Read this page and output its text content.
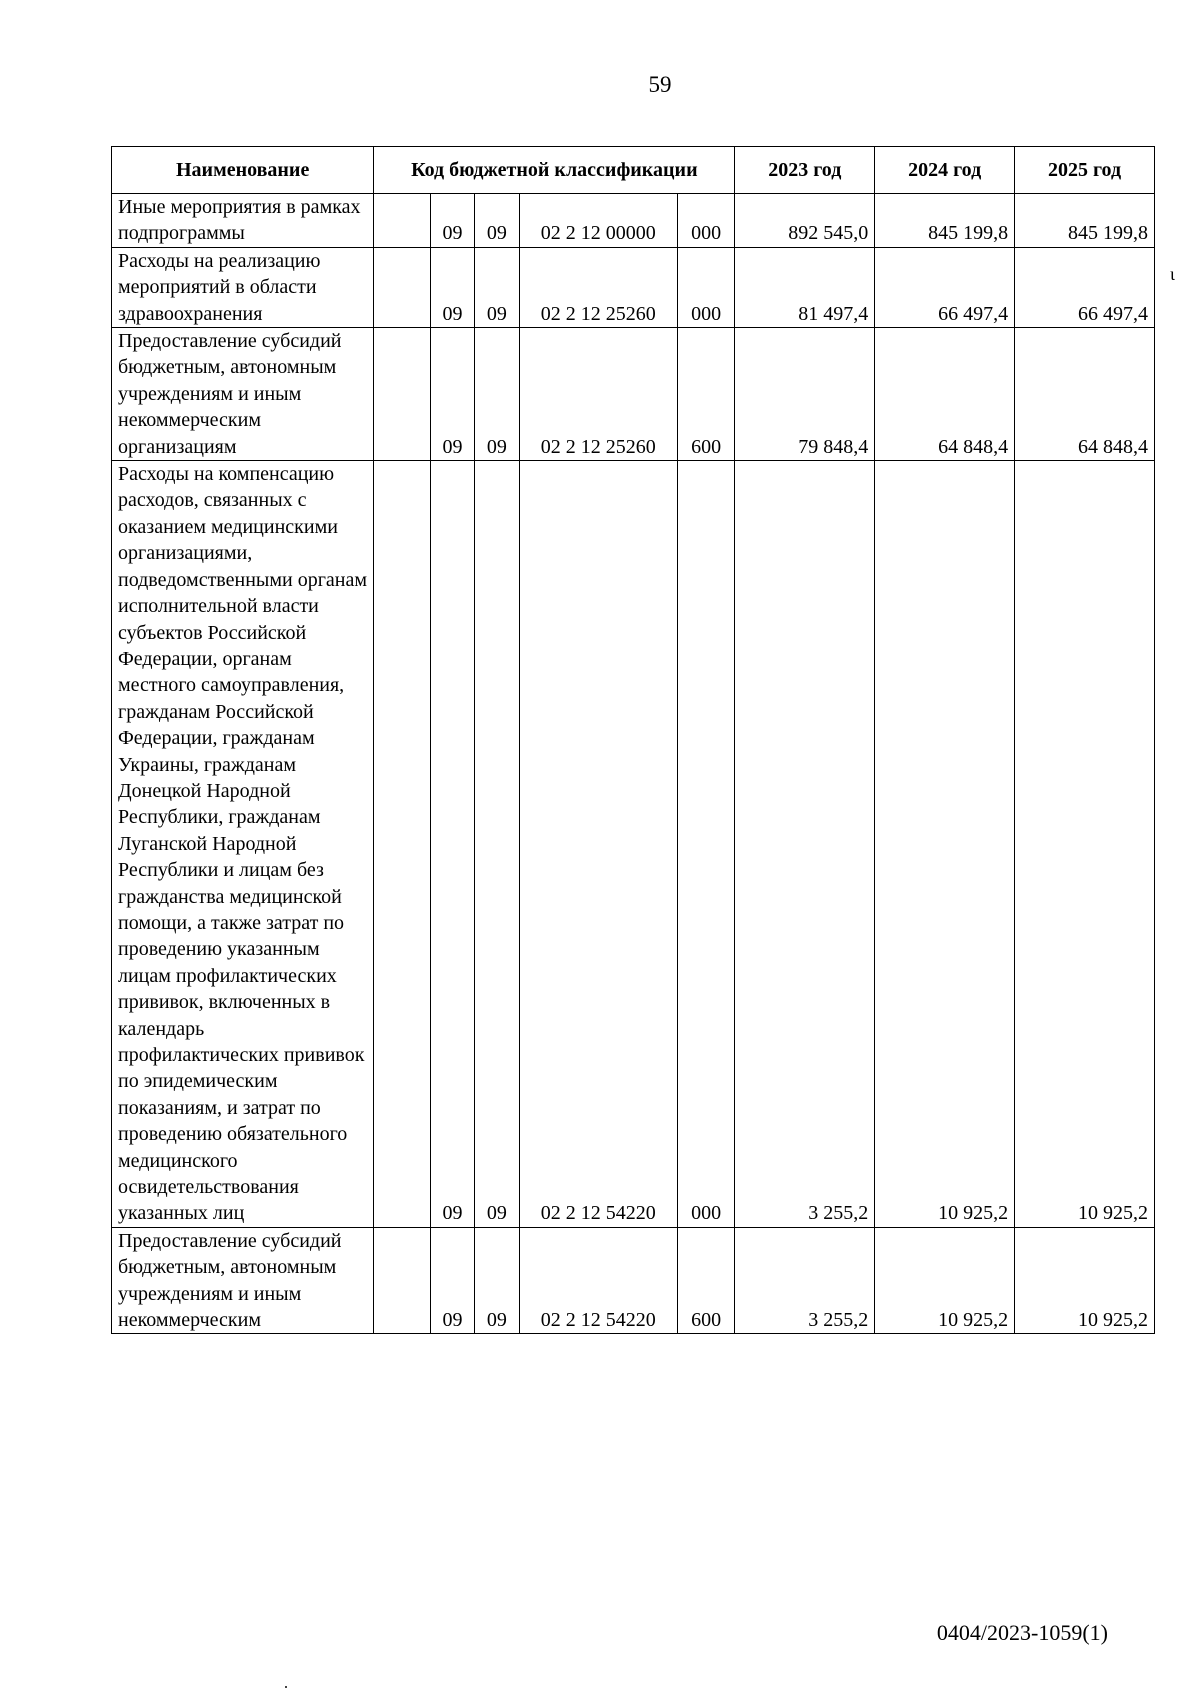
59
ι
Наименование	Код бюджетной классификации					2023 год	2024 год	2025 год
Иные мероприятия в рамках подпрограммы		09	09	02 2 12 00000	000	892 545,0	845 199,8	845 199,8
Расходы на реализацию мероприятий в области здравоохранения		09	09	02 2 12 25260	000	81 497,4	66 497,4	66 497,4
Предоставление субсидий бюджетным, автономным учреждениям и иным некоммерческим организациям		09	09	02 2 12 25260	600	79 848,4	64 848,4	64 848,4
Расходы на компенсацию расходов, связанных с оказанием медицинскими организациями, подведомственными органам исполнительной власти субъектов Российской Федерации, органам местного самоуправления, гражданам Российской Федерации, гражданам Украины, гражданам Донецкой Народной Республики, гражданам Луганской Народной Республики и лицам без гражданства медицинской помощи, а также затрат по проведению указанным лицам профилактических прививок, включенных в календарь профилактических прививок по эпидемическим показаниям, и затрат по проведению обязательного медицинского освидетельствования указанных лиц		09	09	02 2 12 54220	000	3 255,2	10 925,2	10 925,2
Предоставление субсидий бюджетным, автономным учреждениям и иным некоммерческим		09	09	02 2 12 54220	600	3 255,2	10 925,2	10 925,2
0404/2023-1059(1)
